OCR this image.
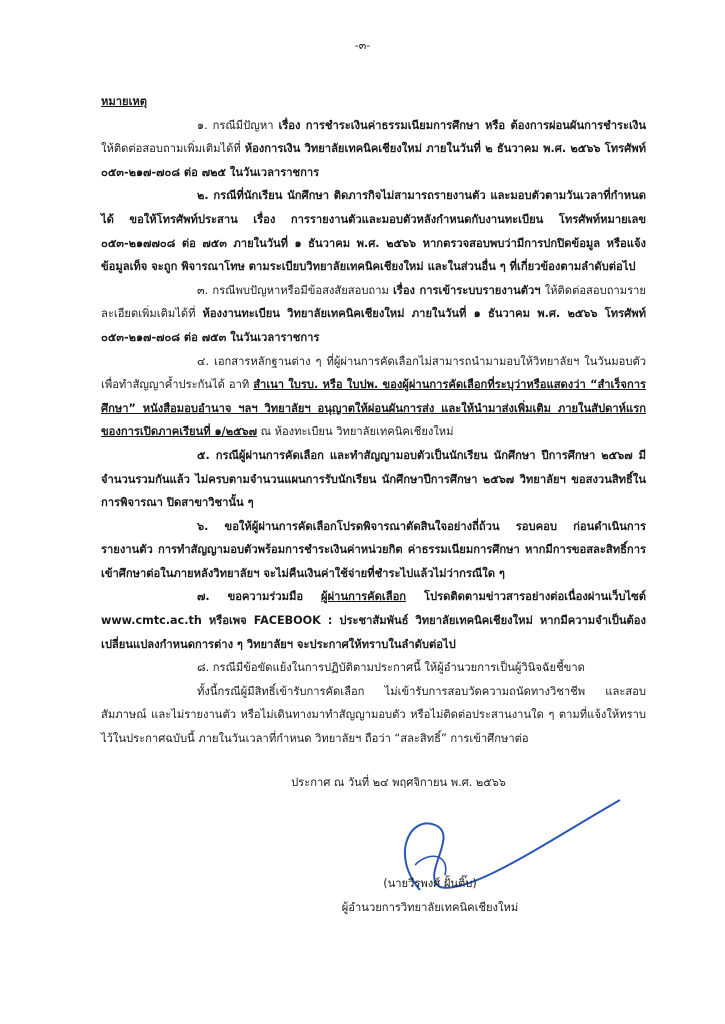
-๓-
หมายเหตุ

๑. กรณีมีปัญหา เรื่อง การชำระเงินค่าธรรมเนียมการศึกษา หรือ ต้องการผ่อนผันการชำระเงิน ให้ติดต่อสอบถามเพิ่มเติมได้ที่ ห้องการเงิน วิทยาลัยเทคนิคเชียงใหม่ ภายในวันที่ ๒ ธันวาคม พ.ศ. ๒๕๖๖ โทรศัพท์ ๐๕๓-๒๑๗-๗๐๘ ต่อ ๗๒๕ ในวันเวลาราชการ

๒. กรณีที่นักเรียน นักศึกษา ติดภารกิจไม่สามารถรายงานตัว และมอบตัวตามวันเวลาที่กำหนดได้ ขอให้โทรศัพท์ประสาน เรื่อง การรายงานตัวและมอบตัวหลังกำหนดกับงานทะเบียน โทรศัพท์หมายเลข ๐๕๓-๒๑๗๗๐๘ ต่อ ๗๕๓ ภายในวันที่ ๑ ธันวาคม พ.ศ. ๒๕๖๖ หากตรวจสอบพบว่ามีการปกปิดข้อมูล หรือแจ้งข้อมูลเท็จ จะถูก พิจารณาโทษ ตามระเบียบวิทยาลัยเทคนิคเชียงใหม่ และในส่วนอื่น ๆ ที่เกี่ยวข้องตามลำดับต่อไป

๓. กรณีพบปัญหาหรือมีข้อสงสัยสอบถาม เรื่อง การเข้าระบบรายงานตัวฯ ให้ติดต่อสอบถามรายละเอียดเพิ่มเติมได้ที่ ห้องงานทะเบียน วิทยาลัยเทคนิคเชียงใหม่ ภายในวันที่ ๑ ธันวาคม พ.ศ. ๒๕๖๖ โทรศัพท์ ๐๕๓-๒๑๗-๗๐๘ ต่อ ๗๕๓ ในวันเวลาราชการ

๔. เอกสารหลักฐานต่าง ๆ ที่ผู้ผ่านการคัดเลือกไม่สามารถนำมามอบให้วิทยาลัยฯ ในวันมอบตัวเพื่อทำสัญญาค้ำประกันได้ อาทิ สำเนา ใบรบ. หรือ ใบปพ. ของผู้ผ่านการคัดเลือกที่ระบุว่าหรือแสดงว่า “สำเร็จการศึกษา” หนังสือมอบอำนาจ ฯลฯ วิทยาลัยฯ อนุญาตให้ผ่อนผันการส่ง และให้นำมาส่งเพิ่มเติม ภายในสัปดาห์แรกของการเปิดภาคเรียนที่ ๑/๒๕๖๗ ณ ห้องทะเบียน วิทยาลัยเทคนิคเชียงใหม่

๕. กรณีผู้ผ่านการคัดเลือก และทำสัญญามอบตัวเป็นนักเรียน นักศึกษา ปีการศึกษา ๒๕๖๗ มีจำนวนรวมกันแล้ว ไม่ครบตามจำนวนแผนการรับนักเรียน นักศึกษาปีการศึกษา ๒๕๖๗ วิทยาลัยฯ ขอสงวนสิทธิ์ในการพิจารณา ปิดสาขาวิชานั้น ๆ

๖. ขอให้ผู้ผ่านการคัดเลือกโปรดพิจารณาตัดสินใจอย่างถี่ถ้วน รอบคอบ ก่อนดำเนินการรายงานตัว การทำสัญญามอบตัวพร้อมการชำระเงินค่าหน่วยกิต ค่าธรรมเนียมการศึกษา หากมีการขอสละสิทธิ์การเข้าศึกษาต่อในภายหลังวิทยาลัยฯ จะไม่คืนเงินค่าใช้จ่ายที่ชำระไปแล้วไม่ว่ากรณีใด ๆ

๗. ขอความร่วมมือ ผู้ผ่านการคัดเลือก โปรดติดตามข่าวสารอย่างต่อเนื่องผ่านเว็บไซต์ www.cmtc.ac.th หรือเพจ FACEBOOK : ประชาสัมพันธ์ วิทยาลัยเทคนิคเชียงใหม่ หากมีความจำเป็นต้องเปลี่ยนแปลงกำหนดการต่าง ๆ วิทยาลัยฯ จะประกาศให้ทราบในลำดับต่อไป

๘. กรณีมีข้อขัดแย้งในการปฏิบัติตามประกาศนี้ ให้ผู้อำนวยการเป็นผู้วินิจฉัยชี้ขาด

ทั้งนี้กรณีผู้มีสิทธิ์เข้ารับการคัดเลือก ไม่เข้ารับการสอบวัดความถนัดทางวิชาชีพ และสอบสัมภาษณ์ และไม่รายงานตัว หรือไม่เดินทางมาทำสัญญามอบตัว หรือไม่ติดต่อประสานงานใด ๆ ตามที่แจ้งให้ทราบไว้ในประกาศฉบับนี้ ภายในวันเวลาที่กำหนด วิทยาลัยฯ ถือว่า “สละสิทธิ์” การเข้าศึกษาต่อ

ประกาศ ณ วันที่ ๒๔ พฤศจิกายน พ.ศ. ๒๕๖๖
(นายวีรพงศ์ ฝั้นติ๊บ)
ผู้อำนวยการวิทยาลัยเทคนิคเชียงใหม่
